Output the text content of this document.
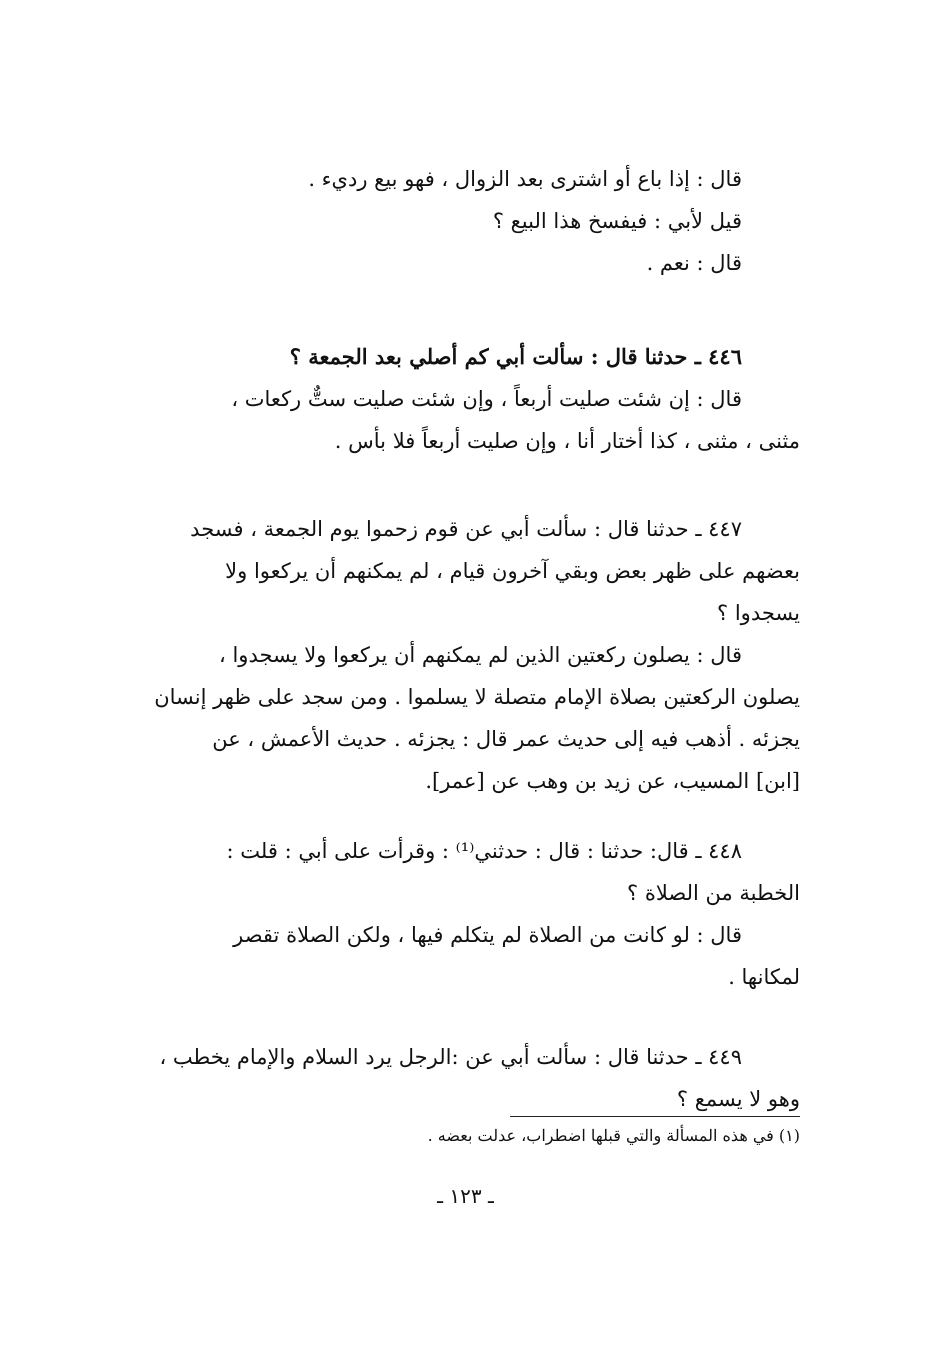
قال : إذا باع أو اشترى بعد الزوال ، فهو بيع رديء .
قيل لأبي : فيفسخ هذا البيع ؟
قال : نعم .
٤٤٦ ـ حدثنا قال : سألت أبي كم أصلي بعد الجمعة ؟
قال : إن شئت صليت أربعاً ، وإن شئت صليت ستٌّ ركعات ،
مثنى ، مثنى ، كذا أختار أنا ، وإن صليت أربعاً فلا بأس .
٤٤٧ ـ حدثنا قال : سألت أبي عن قوم زحموا يوم الجمعة ، فسجد
بعضهم على ظهر بعض وبقي آخرون قيام ، لم يمكنهم أن يركعوا ولا
يسجدوا ؟
قال : يصلون ركعتين الذين لم يمكنهم أن يركعوا ولا يسجدوا ،
يصلون الركعتين بصلاة الإمام متصلة لا يسلموا . ومن سجد على ظهر إنسان
يجزئه . أذهب فيه إلى حديث عمر قال : يجزئه . حديث الأعمش ، عن
[ابن] المسيب، عن زيد بن وهب عن [عمر].
٤٤٨ ـ قال: حدثنا : قال : حدثني⁽¹⁾ : وقرأت على أبي : قلت :
الخطبة من الصلاة ؟
قال : لو كانت من الصلاة لم يتكلم فيها ، ولكن الصلاة تقصر
لمكانها .
٤٤٩ ـ حدثنا قال : سألت أبي عن :الرجل يرد السلام والإمام يخطب ،
وهو لا يسمع ؟
(١) في هذه المسألة والتي قبلها اضطراب، عدلت بعضه .
ـ ١٢٣ ـ
